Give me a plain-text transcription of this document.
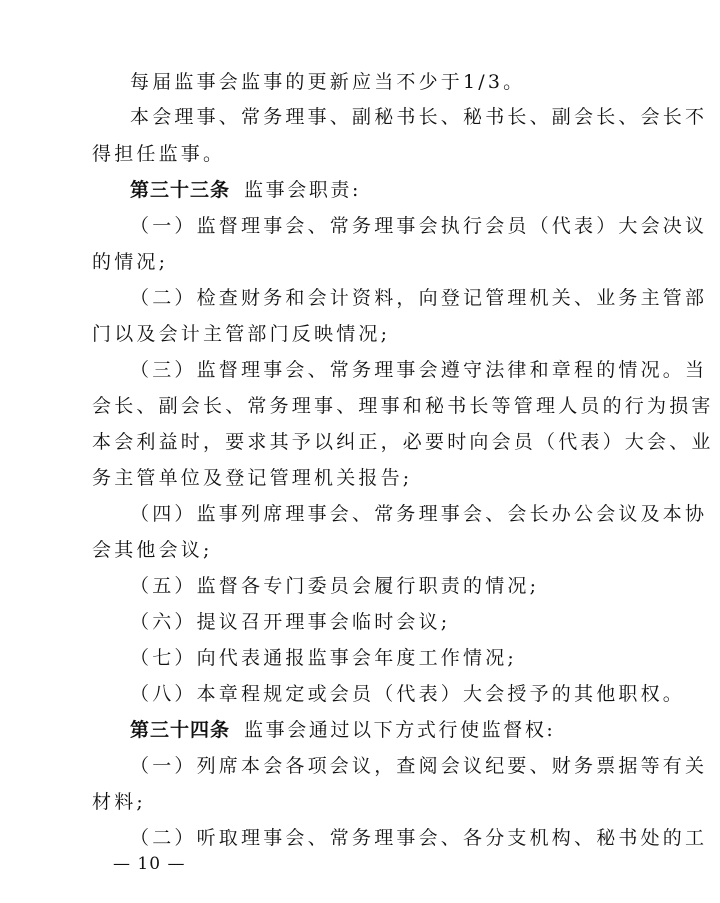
每届监事会监事的更新应当不少于1/3。

本会理事、常务理事、副秘书长、秘书长、副会长、会长不

得担任监事。

第三十三条 监事会职责:

（一）监督理事会、常务理事会执行会员（代表）大会决议

的情况;

（二）检查财务和会计资料，向登记管理机关、业务主管部

门以及会计主管部门反映情况;

（三）监督理事会、常务理事会遵守法律和章程的情况。当

会长、副会长、常务理事、理事和秘书长等管理人员的行为损害

本会利益时，要求其予以纠正，必要时向会员（代表）大会、业

务主管单位及登记管理机关报告;

（四）监事列席理事会、常务理事会、会长办公会议及本协

会其他会议;

（五）监督各专门委员会履行职责的情况;

（六）提议召开理事会临时会议;

（七）向代表通报监事会年度工作情况;

（八）本章程规定或会员（代表）大会授予的其他职权。

第三十四条 监事会通过以下方式行使监督权:

（一）列席本会各项会议，查阅会议纪要、财务票据等有关

材料;

（二）听取理事会、常务理事会、各分支机构、秘书处的工

— 10 —
